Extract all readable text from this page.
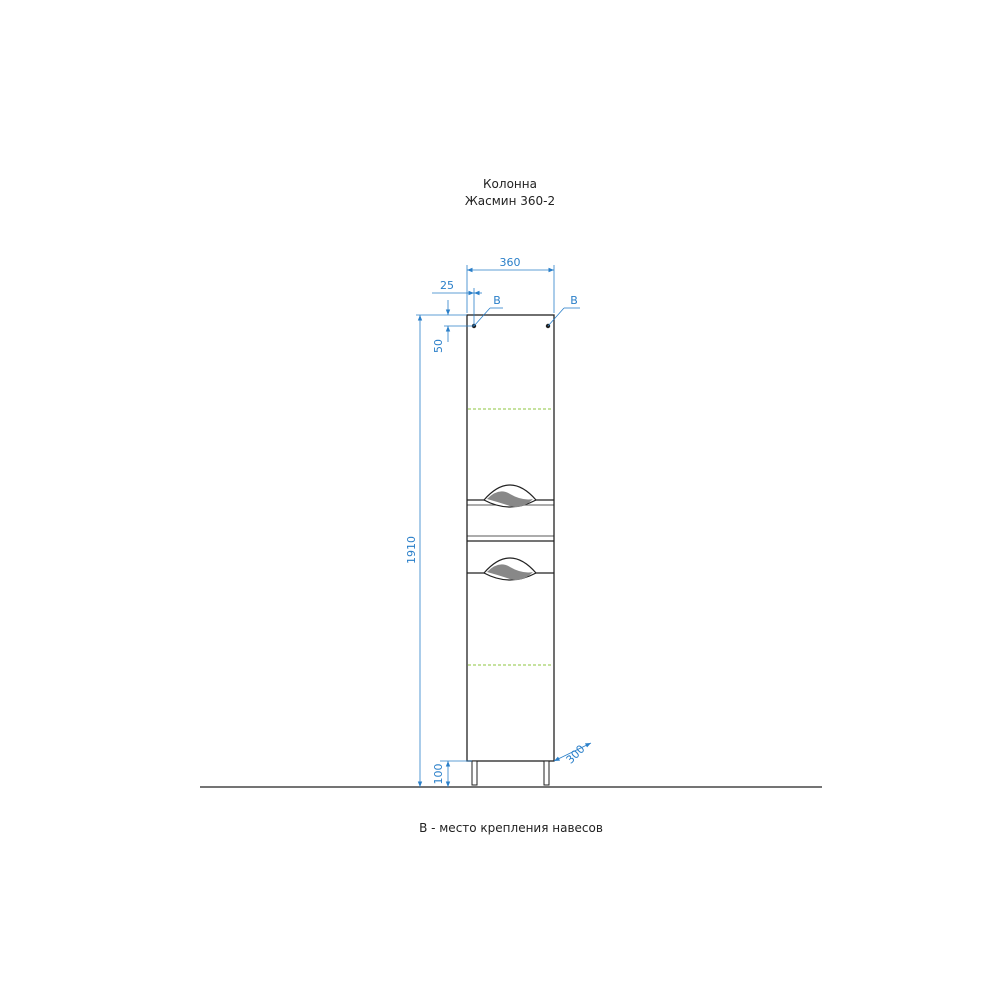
Колонна
Жасмин 360-2
360
25
50
1910
100
300
B	B
В - место крепления навесов
